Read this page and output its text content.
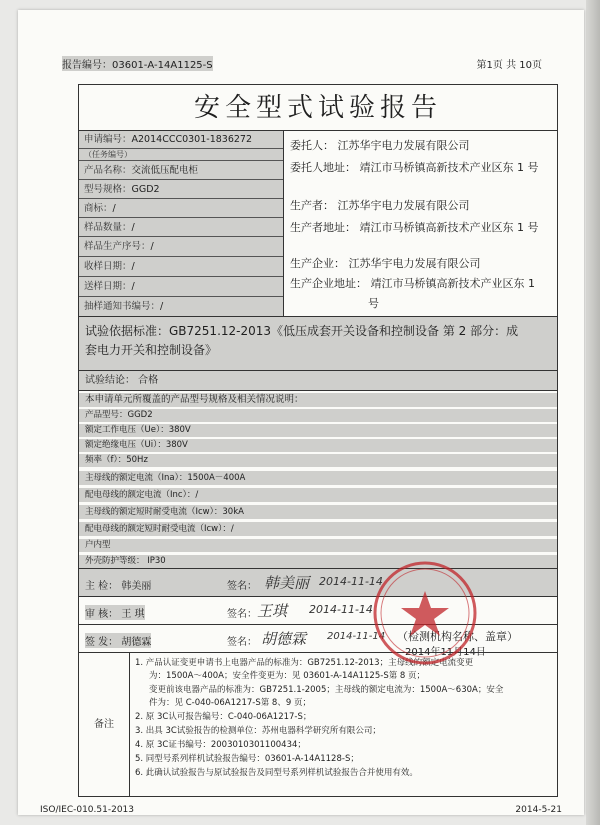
报告编号：03601-A-14A1125-S	第1页 共 10页
安全型式试验报告
申请编号：A2014CCC0301-1836272
（任务编号）
产品名称：交流低压配电柜
型号规格：GGD2
商标：/
样品数量：/
样品生产序号：/
收样日期：/
送样日期：/
抽样通知书编号：/
委托人： 江苏华宇电力发展有限公司
委托人地址： 靖江市马桥镇高新技术产业区东 1 号
生产者： 江苏华宇电力发展有限公司
生产者地址： 靖江市马桥镇高新技术产业区东 1 号
生产企业： 江苏华宇电力发展有限公司
生产企业地址： 靖江市马桥镇高新技术产业区东 1
号
试验依据标准：GB7251.12-2013《低压成套开关设备和控制设备 第 2 部分：成
套电力开关和控制设备》
试验结论： 合格
本申请单元所覆盖的产品型号规格及相关情况说明：
产品型号：GGD2
额定工作电压（Ue）：380V
额定绝缘电压（Ui）：380V
频率（f）：50Hz
主母线的额定电流（Ina）：1500A－400A
配电母线的额定电流（Inc）：/
主母线的额定短时耐受电流（Icw）：30kA
配电母线的额定短时耐受电流（Icw）：/
户内型
外壳防护等级： IP30
主 检： 韩美丽	签名： 韩美丽 2014-11-14
审 核： 王 琪	签名： 王琪 2014-11-14
签 发： 胡德霖	签名： 胡德霖 2014-11-14 （检测机构名称、盖章）
2014年11月14日
备注
1. 产品认证变更申请书上电器产品的标准为：GB7251.12-2013；主母线的额定电流变更
为：1500A～400A；安全件变更为：见 03601-A-14A1125-S第 8 页；
变更前该电器产品的标准为：GB7251.1-2005；主母线的额定电流为：1500A～630A；安全
件为：见 C-040-06A1217-S第 8、9 页；
2. 原 3C认可报告编号：C-040-06A1217-S；
3. 出具 3C试验报告的检测单位：苏州电器科学研究所有限公司；
4. 原 3C证书编号：2003010301100434；
5. 同型号系列样机试验报告编号：03601-A-14A1128-S；
6. 此确认试验报告与原试验报告及同型号系列样机试验报告合并使用有效。
ISO/IEC-010.51-2013	2014-5-21
